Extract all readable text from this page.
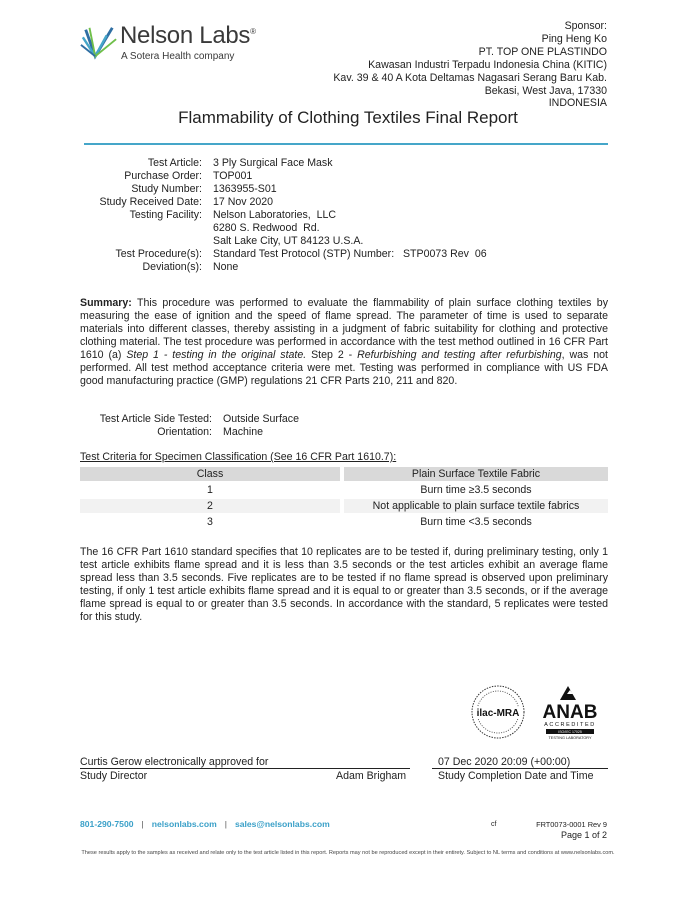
Nelson Labs®
A Sotera Health company
Sponsor:
Ping Heng Ko
PT. TOP ONE PLASTINDO
Kawasan Industri Terpadu Indonesia China (KITIC)
Kav. 39 & 40 A Kota Deltamas Nagasari Serang Baru Kab.
Bekasi, West Java, 17330
INDONESIA
Flammability of Clothing Textiles Final Report
Test Article:	3 Ply Surgical Face Mask
Purchase Order:	TOP001
Study Number:	1363955-S01
Study Received Date:	17 Nov 2020
Testing Facility:	Nelson Laboratories,  LLC
6280 S. Redwood  Rd.
Salt Lake City, UT 84123 U.S.A.
Test Procedure(s):	Standard Test Protocol (STP) Number:   STP0073 Rev  06
Deviation(s):	None
Summary: This procedure was performed to evaluate the flammability of plain surface clothing textiles by measuring the ease of ignition and the speed of flame spread. The parameter of time is used to separate materials into different classes, thereby assisting in a judgment of fabric suitability for clothing and protective clothing material. The test procedure was performed in accordance with the test method outlined in 16 CFR Part 1610 (a) Step 1 - testing in the original state. Step 2 - Refurbishing and testing after refurbishing, was not performed. All test method acceptance criteria were met. Testing was performed in compliance with US FDA good manufacturing practice (GMP) regulations 21 CFR Parts 210, 211 and 820.
Test Article Side Tested:	Outside Surface
Orientation:	Machine
Test Criteria for Specimen Classification (See 16 CFR Part 1610.7):
Class		Plain Surface Textile Fabric
1		Burn time ≥3.5 seconds
2		Not applicable to plain surface textile fabrics
3		Burn time <3.5 seconds
The 16 CFR Part 1610 standard specifies that 10 replicates are to be tested if, during preliminary testing, only 1 test article exhibits flame spread and it is less than 3.5 seconds or the test articles exhibit an average flame spread less than 3.5 seconds. Five replicates are to be tested if no flame spread is observed upon preliminary testing, if only 1 test article exhibits flame spread and it is equal to or greater than 3.5 seconds, or if the average flame spread is equal to or greater than 3.5 seconds. In accordance with the standard, 5 replicates were tested for this study.
ilac-MRA ANAB
ACCREDITED
ISO/IEC 17025
TESTING LABORATORY
Curtis Gerow electronically approved for
Study Director	Adam Brigham
07 Dec 2020 20:09 (+00:00)
Study Completion Date and Time
801-290-7500 | nelsonlabs.com | sales@nelsonlabs.com	cf	FRT0073-0001 Rev 9
Page 1 of 2
These results apply to the samples as received and relate only to the test article listed in this report. Reports may not be reproduced except in their entirety. Subject to NL terms and conditions at www.nelsonlabs.com.
